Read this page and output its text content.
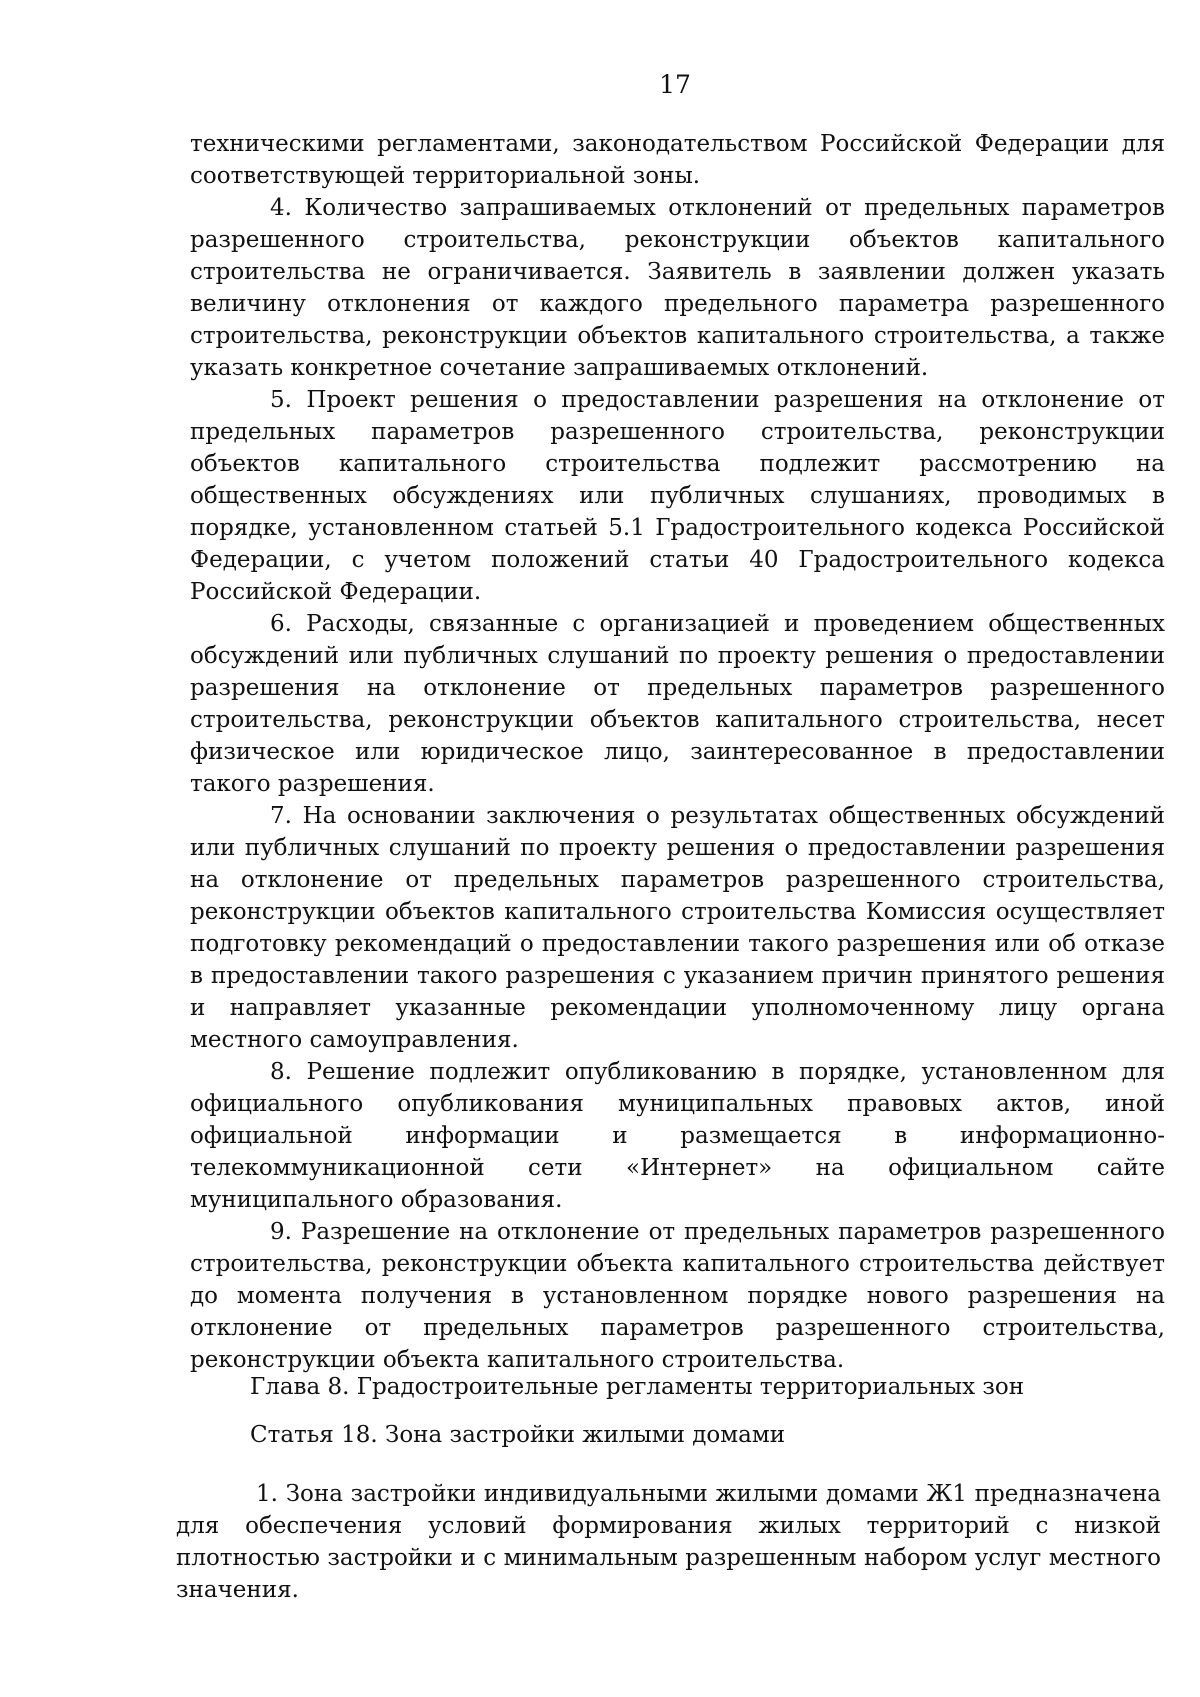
17

техническими регламентами, законодательством Российской Федерации для соответствующей территориальной зоны.

4. Количество запрашиваемых отклонений от предельных параметров разрешенного строительства, реконструкции объектов капитального строительства не ограничивается. Заявитель в заявлении должен указать величину отклонения от каждого предельного параметра разрешенного строительства, реконструкции объектов капитального строительства, а также указать конкретное сочетание запрашиваемых отклонений.

5. Проект решения о предоставлении разрешения на отклонение от предельных параметров разрешенного строительства, реконструкции объектов капитального строительства подлежит рассмотрению на общественных обсуждениях или публичных слушаниях, проводимых в порядке, установленном статьей 5.1 Градостроительного кодекса Российской Федерации, с учетом положений статьи 40 Градостроительного кодекса Российской Федерации.

6. Расходы, связанные с организацией и проведением общественных обсуждений или публичных слушаний по проекту решения о предоставлении разрешения на отклонение от предельных параметров разрешенного строительства, реконструкции объектов капитального строительства, несет физическое или юридическое лицо, заинтересованное в предоставлении такого разрешения.

7. На основании заключения о результатах общественных обсуждений или публичных слушаний по проекту решения о предоставлении разрешения на отклонение от предельных параметров разрешенного строительства, реконструкции объектов капитального строительства Комиссия осуществляет подготовку рекомендаций о предоставлении такого разрешения или об отказе в предоставлении такого разрешения с указанием причин принятого решения и направляет указанные рекомендации уполномоченному лицу органа местного самоуправления.

8. Решение подлежит опубликованию в порядке, установленном для официального опубликования муниципальных правовых актов, иной официальной информации и размещается в информационно-телекоммуникационной сети «Интернет» на официальном сайте муниципального образования.

9. Разрешение на отклонение от предельных параметров разрешенного строительства, реконструкции объекта капитального строительства действует до момента получения в установленном порядке нового разрешения на отклонение от предельных параметров разрешенного строительства, реконструкции объекта капитального строительства.

Глава 8. Градостроительные регламенты территориальных зон
Статья 18. Зона застройки жилыми домами

1. Зона застройки индивидуальными жилыми домами Ж1 предназначена для обеспечения условий формирования жилых территорий с низкой плотностью застройки и с минимальным разрешенным набором услуг местного значения.
